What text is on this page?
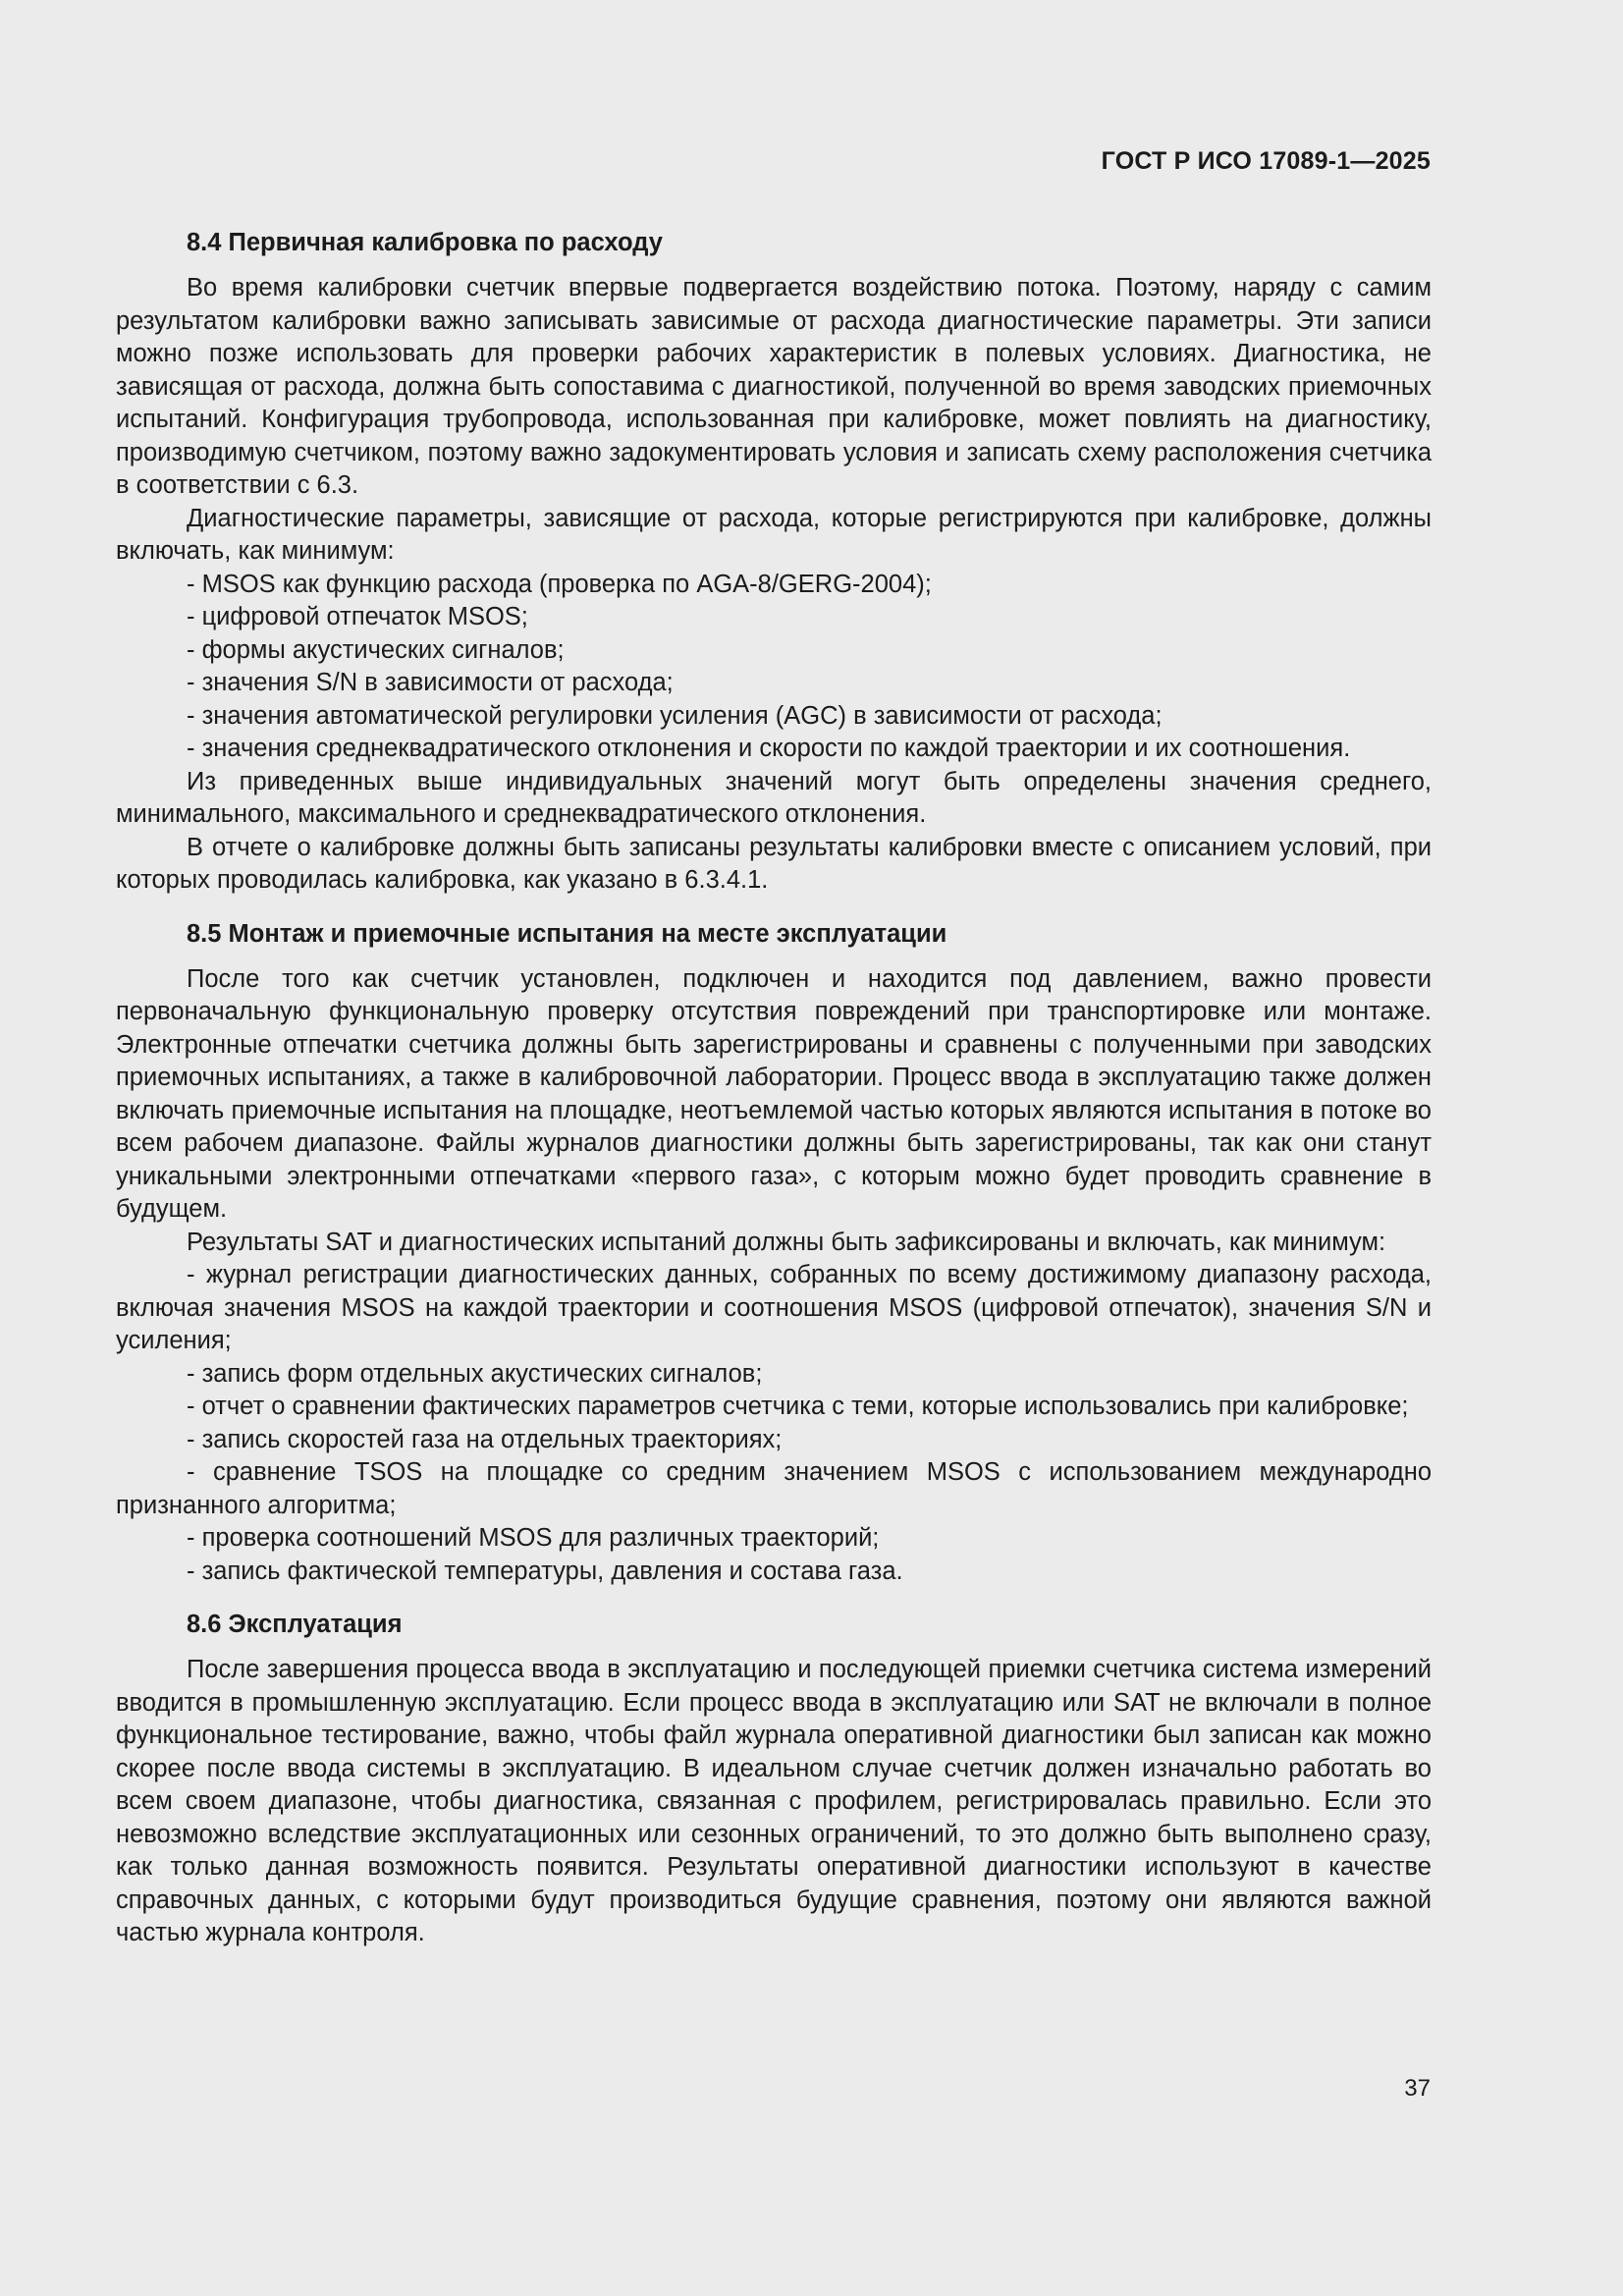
ГОСТ Р ИСО 17089-1—2025
8.4 Первичная калибровка по расходу

Во время калибровки счетчик впервые подвергается воздействию потока. Поэтому, наряду с самим результатом калибровки важно записывать зависимые от расхода диагностические параметры. Эти записи можно позже использовать для проверки рабочих характеристик в полевых условиях. Диагностика, не зависящая от расхода, должна быть сопоставима с диагностикой, полученной во время заводских приемочных испытаний. Конфигурация трубопровода, использованная при калибровке, может повлиять на диагностику, производимую счетчиком, поэтому важно задокументировать условия и записать схему расположения счетчика в соответствии с 6.3.

Диагностические параметры, зависящие от расхода, которые регистрируются при калибровке, должны включать, как минимум:

- MSOS как функцию расхода (проверка по AGA-8/GERG-2004);

- цифровой отпечаток MSOS;

- формы акустических сигналов;

- значения S/N в зависимости от расхода;

- значения автоматической регулировки усиления (AGC) в зависимости от расхода;

- значения среднеквадратического отклонения и скорости по каждой траектории и их соотношения.

Из приведенных выше индивидуальных значений могут быть определены значения среднего, минимального, максимального и среднеквадратического отклонения.

В отчете о калибровке должны быть записаны результаты калибровки вместе с описанием условий, при которых проводилась калибровка, как указано в 6.3.4.1.

8.5 Монтаж и приемочные испытания на месте эксплуатации

После того как счетчик установлен, подключен и находится под давлением, важно провести первоначальную функциональную проверку отсутствия повреждений при транспортировке или монтаже. Электронные отпечатки счетчика должны быть зарегистрированы и сравнены с полученными при заводских приемочных испытаниях, а также в калибровочной лаборатории. Процесс ввода в эксплуатацию также должен включать приемочные испытания на площадке, неотъемлемой частью которых являются испытания в потоке во всем рабочем диапазоне. Файлы журналов диагностики должны быть зарегистрированы, так как они станут уникальными электронными отпечатками «первого газа», с которым можно будет проводить сравнение в будущем.

Результаты SAT и диагностических испытаний должны быть зафиксированы и включать, как минимум:

- журнал регистрации диагностических данных, собранных по всему достижимому диапазону расхода, включая значения MSOS на каждой траектории и соотношения MSOS (цифровой отпечаток), значения S/N и усиления;

- запись форм отдельных акустических сигналов;

- отчет о сравнении фактических параметров счетчика с теми, которые использовались при калибровке;

- запись скоростей газа на отдельных траекториях;

- сравнение TSOS на площадке со средним значением MSOS с использованием международно признанного алгоритма;

- проверка соотношений MSOS для различных траекторий;

- запись фактической температуры, давления и состава газа.

8.6 Эксплуатация

После завершения процесса ввода в эксплуатацию и последующей приемки счетчика система измерений вводится в промышленную эксплуатацию. Если процесс ввода в эксплуатацию или SAT не включали в полное функциональное тестирование, важно, чтобы файл журнала оперативной диагностики был записан как можно скорее после ввода системы в эксплуатацию. В идеальном случае счетчик должен изначально работать во всем своем диапазоне, чтобы диагностика, связанная с профилем, регистрировалась правильно. Если это невозможно вследствие эксплуатационных или сезонных ограничений, то это должно быть выполнено сразу, как только данная возможность появится. Результаты оперативной диагностики используют в качестве справочных данных, с которыми будут производиться будущие сравнения, поэтому они являются важной частью журнала контроля.

37
